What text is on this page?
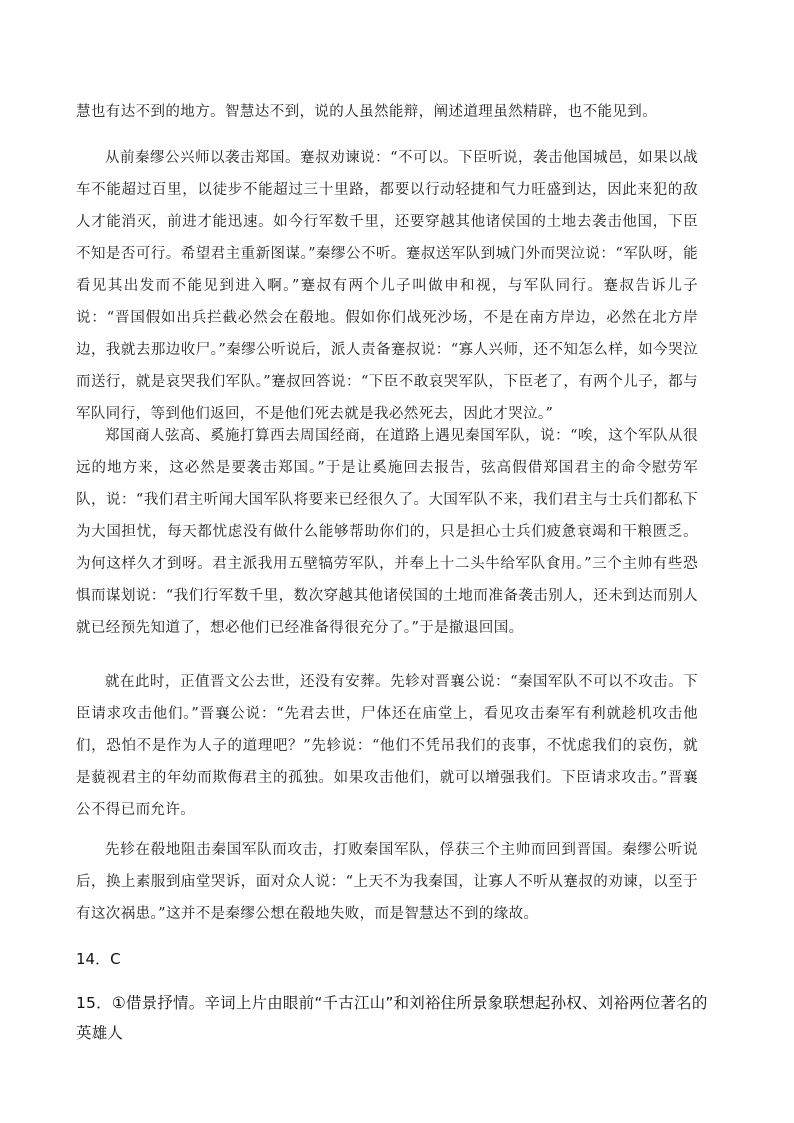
慧也有达不到的地方。智慧达不到，说的人虽然能辩，阐述道理虽然精辟，也不能见到。

从前秦缪公兴师以袭击郑国。蹇叔劝谏说：“不可以。下臣听说，袭击他国城邑，如果以战车不能超过百里，以徒步不能超过三十里路，都要以行动轻捷和气力旺盛到达，因此来犯的敌人才能消灭，前进才能迅速。如今行军数千里，还要穿越其他诸侯国的土地去袭击他国，下臣不知是否可行。希望君主重新图谋。”秦缪公不听。蹇叔送军队到城门外而哭泣说：“军队呀，能看见其出发而不能见到进入啊。”蹇叔有两个儿子叫做申和视，与军队同行。蹇叔告诉儿子说：“晋国假如出兵拦截必然会在殽地。假如你们战死沙场，不是在南方岸边，必然在北方岸边，我就去那边收尸。”秦缪公听说后，派人责备蹇叔说：“寡人兴师，还不知怎么样，如今哭泣而送行，就是哀哭我们军队。”蹇叔回答说：“下臣不敢哀哭军队，下臣老了，有两个儿子，都与军队同行，等到他们返回，不是他们死去就是我必然死去，因此才哭泣。”

郑国商人弦高、奚施打算西去周国经商，在道路上遇见秦国军队，说：“唉，这个军队从很远的地方来，这必然是要袭击郑国。”于是让奚施回去报告，弦高假借郑国君主的命令慰劳军队，说：“我们君主听闻大国军队将要来已经很久了。大国军队不来，我们君主与士兵们都私下为大国担忧，每天都忧虑没有做什么能够帮助你们的，只是担心士兵们疲惫衰竭和干粮匮乏。为何这样久才到呀。君主派我用五壁犒劳军队，并奉上十二头牛给军队食用。”三个主帅有些恐惧而谋划说：“我们行军数千里，数次穿越其他诸侯国的土地而准备袭击别人，还未到达而别人就已经预先知道了，想必他们已经准备得很充分了。”于是撤退回国。

就在此时，正值晋文公去世，还没有安葬。先轸对晋襄公说：“秦国军队不可以不攻击。下臣请求攻击他们。”晋襄公说：“先君去世，尸体还在庙堂上，看见攻击秦军有利就趁机攻击他们，恐怕不是作为人子的道理吧？”先轸说：“他们不凭吊我们的丧事，不忧虑我们的哀伤，就是藐视君主的年幼而欺侮君主的孤独。如果攻击他们，就可以增强我们。下臣请求攻击。”晋襄公不得已而允许。

先轸在殽地阻击秦国军队而攻击，打败秦国军队，俘获三个主帅而回到晋国。秦缪公听说后，换上素服到庙堂哭诉，面对众人说：“上天不为我秦国，让寡人不听从蹇叔的劝谏，以至于有这次祸患。”这并不是秦缪公想在殽地失败，而是智慧达不到的缘故。

14．C

15．①借景抒情。辛词上片由眼前“千古江山”和刘裕住所景象联想起孙权、刘裕两位著名的英雄人
